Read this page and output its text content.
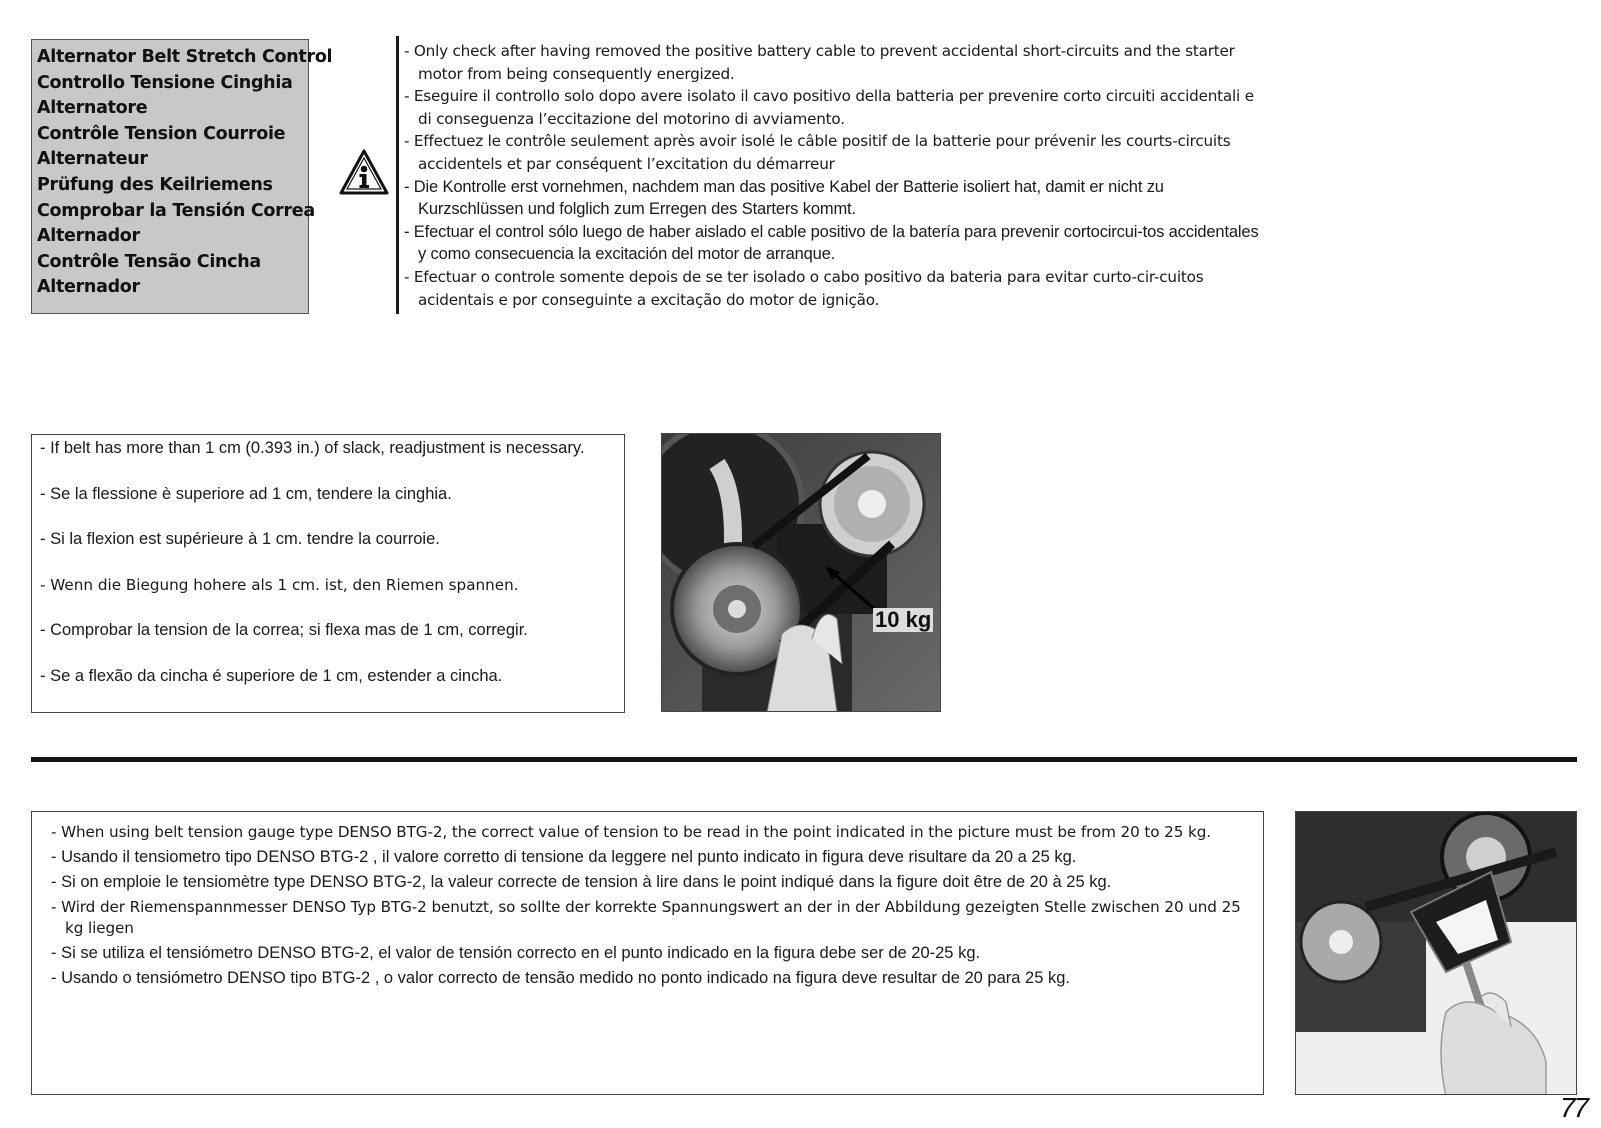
Alternator Belt Stretch Control
Controllo Tensione Cinghia
Alternatore
Contrôle Tension Courroie
Alternateur
Prüfung des Keilriemens
Comprobar la Tensión Correa
Alternador
Contrôle Tensão Cincha
Alternador
- Only check after having removed the positive battery cable to prevent accidental short-circuits and the starter motor from being consequently energized.
- Eseguire il controllo solo dopo avere isolato il cavo positivo della batteria per prevenire corto circuiti accidentali e di conseguenza l’eccitazione del motorino di avviamento.
- Effectuez le contrôle seulement après avoir isolé le câble positif de la batterie pour prévenir les courts-circuits accidentels et par conséquent l’excitation du démarreur
- Die Kontrolle erst vornehmen, nachdem man das positive Kabel der Batterie isoliert hat, damit er nicht zu Kurzschlüssen und folglich zum Erregen des Starters kommt.
- Efectuar el control sólo luego de haber aislado el cable positivo de la batería para prevenir cortocircui-tos accidentales y como consecuencia la excitación del motor de arranque.
- Efectuar o controle somente depois de se ter isolado o cabo positivo da bateria para evitar curto-cir-cuitos acidentais e por conseguinte a excitação do motor de ignição.
- If belt has more than 1 cm (0.393 in.) of slack, readjustment is necessary.
- Se la flessione è superiore ad 1 cm, tendere la cinghia.
- Si la flexion est supérieure à 1 cm. tendre la courroie.
- Wenn die Biegung hohere als 1 cm. ist, den Riemen spannen.
- Comprobar la tension de la correa; si flexa mas de 1 cm, corregir.
- Se a flexão da cincha é superiore de 1 cm, estender a cincha.
10 kg
- When using belt tension gauge type DENSO BTG-2, the correct value of tension to be read in the point indicated in the picture must be from 20 to 25 kg.
- Usando il tensiometro tipo DENSO BTG-2 , il valore corretto di tensione da leggere nel punto indicato in figura deve risultare da 20 a 25 kg.
- Si on emploie le tensiomètre type DENSO BTG-2, la valeur correcte de tension à lire dans le point indiqué dans la figure doit être de 20 à 25 kg.
- Wird der Riemenspannmesser DENSO Typ BTG-2 benutzt, so sollte der korrekte Spannungswert an der in der Abbildung gezeigten Stelle zwischen 20 und 25 kg liegen
- Si se utiliza el tensiómetro DENSO BTG-2, el valor de tensión correcto en el punto indicado en la figura debe ser de 20-25 kg.
- Usando o tensiómetro DENSO tipo BTG-2 , o valor correcto de tensão medido no ponto indicado na figura deve resultar de 20 para 25 kg.
77
